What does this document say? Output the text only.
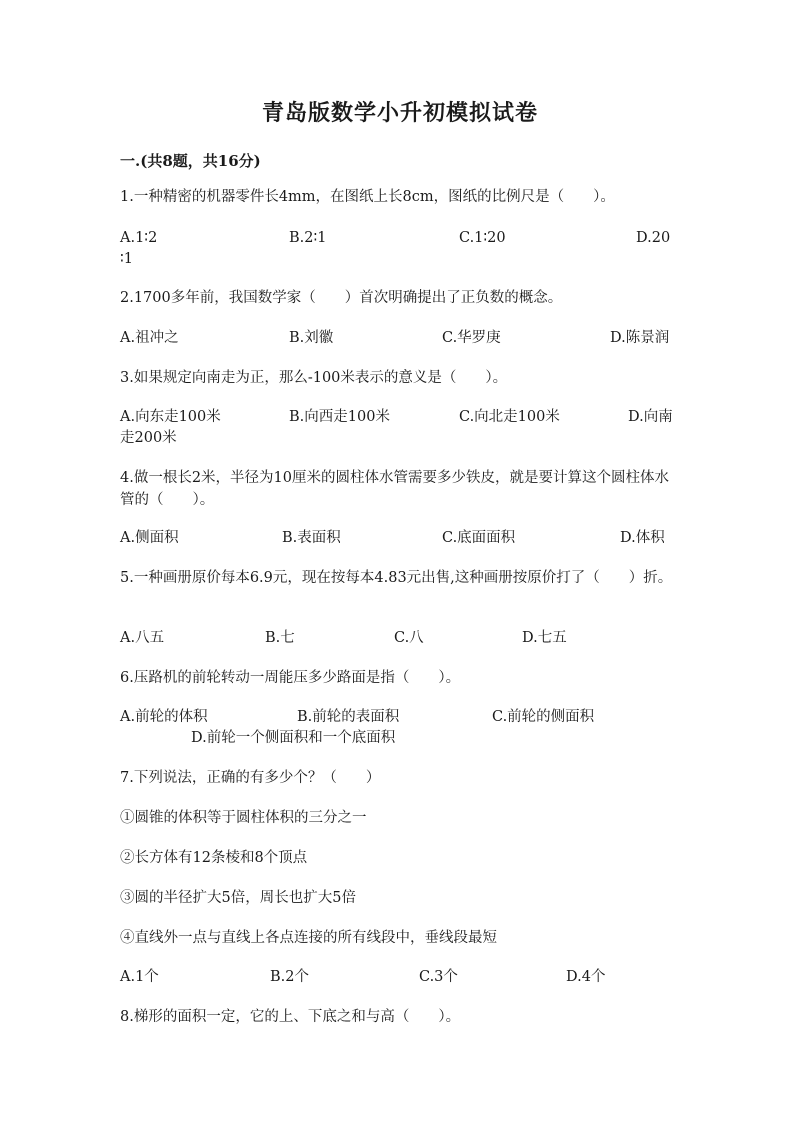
青岛版数学小升初模拟试卷
一.(共8题，共16分)
1.一种精密的机器零件长4mm，在图纸上长8cm，图纸的比例尺是（　　）。
A.1∶2	B.2∶1	C.1∶20	D.20
∶1
2.1700多年前，我国数学家（　　）首次明确提出了正负数的概念。
A.祖冲之	B.刘徽	C.华罗庚	D.陈景润
3.如果规定向南走为正，那么-100米表示的意义是（　　）。
A.向东走100米	B.向西走100米	C.向北走100米	D.向南
走200米
4.做一根长2米，半径为10厘米的圆柱体水管需要多少铁皮，就是要计算这个圆柱体水管的（　　）。
A.侧面积	B.表面积	C.底面面积	D.体积
5.一种画册原价每本6.9元，现在按每本4.83元出售,这种画册按原价打了（　　）折。
A.八五	B.七	C.八	D.七五
6.压路机的前轮转动一周能压多少路面是指（　　）。
A.前轮的体积	B.前轮的表面积	C.前轮的侧面积
D.前轮一个侧面积和一个底面积
7.下列说法，正确的有多少个？（　　）
①圆锥的体积等于圆柱体积的三分之一
②长方体有12条棱和8个顶点
③圆的半径扩大5倍，周长也扩大5倍
④直线外一点与直线上各点连接的所有线段中，垂线段最短
A.1个	B.2个	C.3个	D.4个
8.梯形的面积一定，它的上、下底之和与高（　　）。
